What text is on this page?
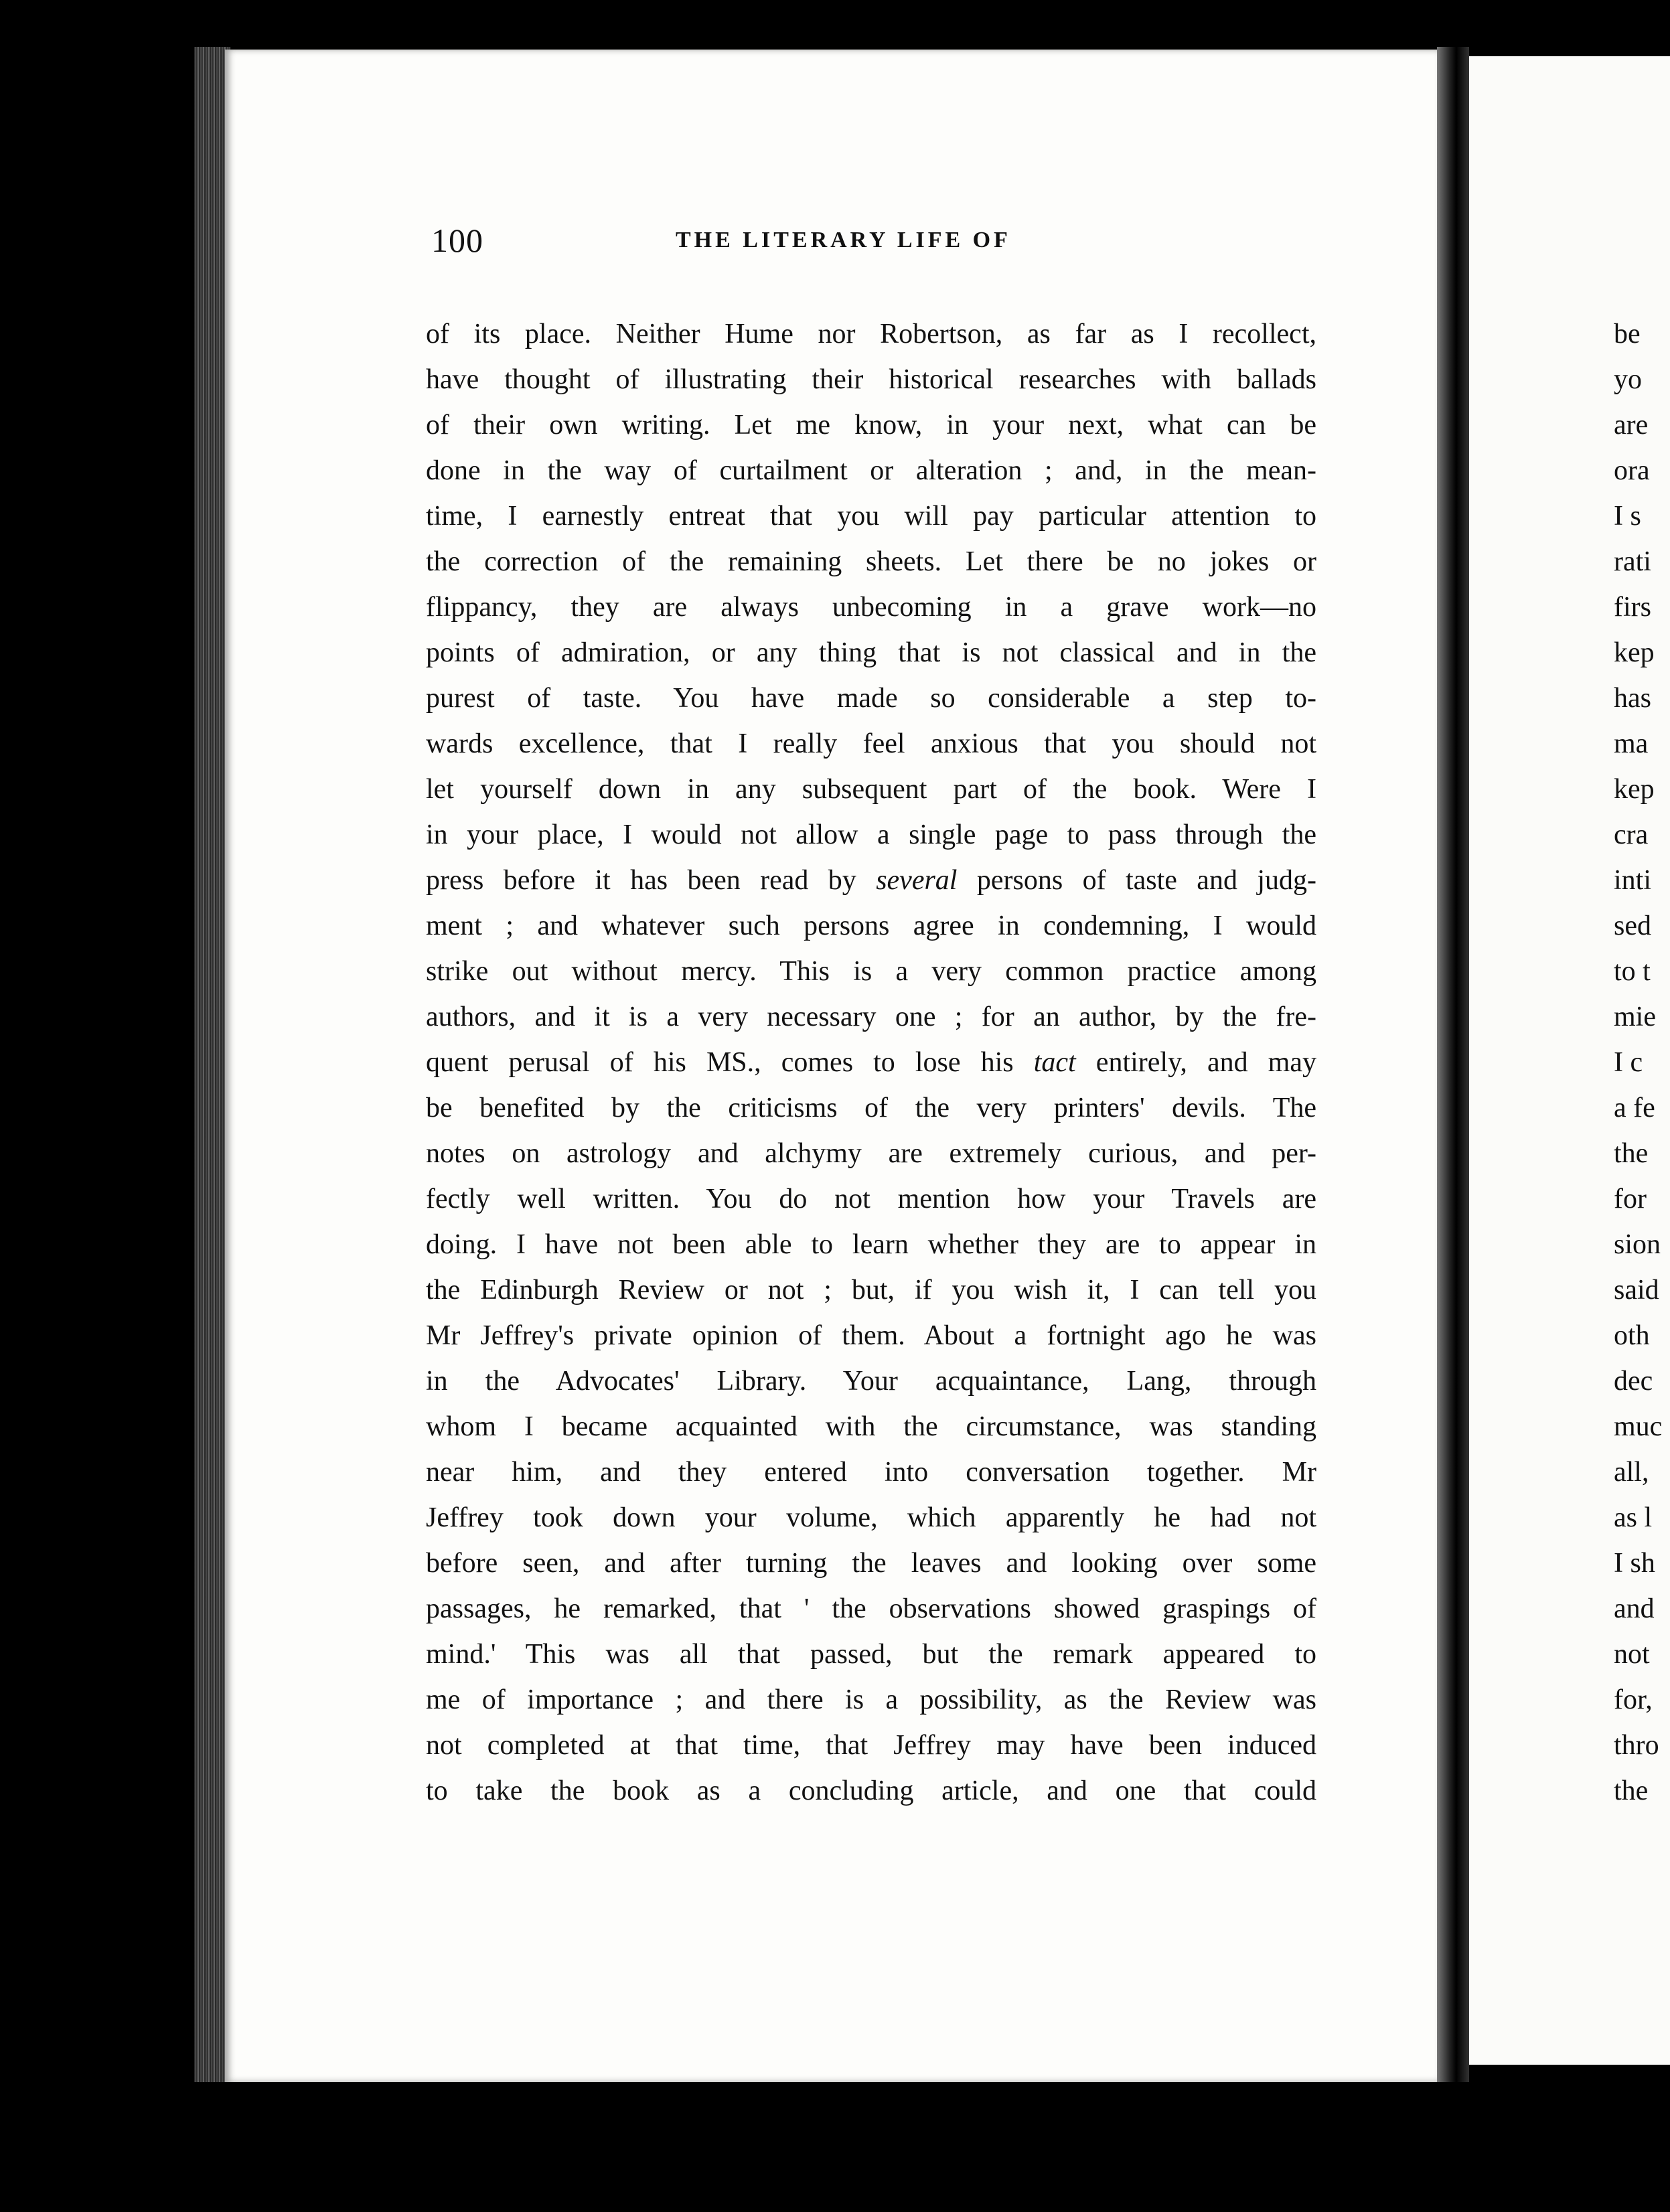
100	THE LITERARY LIFE OF
of its place. Neither Hume nor Robertson, as far as I recollect,
have thought of illustrating their historical researches with ballads
of their own writing. Let me know, in your next, what can be
done in the way of curtailment or alteration ; and, in the mean-
time, I earnestly entreat that you will pay particular attention to
the correction of the remaining sheets. Let there be no jokes or
flippancy, they are always unbecoming in a grave work—no
points of admiration, or any thing that is not classical and in the
purest of taste. You have made so considerable a step to-
wards excellence, that I really feel anxious that you should not
let yourself down in any subsequent part of the book. Were I
in your place, I would not allow a single page to pass through the
press before it has been read by several persons of taste and judg-
ment ; and whatever such persons agree in condemning, I would
strike out without mercy. This is a very common practice among
authors, and it is a very necessary one ; for an author, by the fre-
quent perusal of his MS., comes to lose his tact entirely, and may
be benefited by the criticisms of the very printers' devils. The
notes on astrology and alchymy are extremely curious, and per-
fectly well written. You do not mention how your Travels are
doing. I have not been able to learn whether they are to appear in
the Edinburgh Review or not ; but, if you wish it, I can tell you
Mr Jeffrey's private opinion of them. About a fortnight ago he was
in the Advocates' Library. Your acquaintance, Lang, through
whom I became acquainted with the circumstance, was standing
near him, and they entered into conversation together. Mr
Jeffrey took down your volume, which apparently he had not
before seen, and after turning the leaves and looking over some
passages, he remarked, that ' the observations showed graspings of
mind.' This was all that passed, but the remark appeared to
me of importance ; and there is a possibility, as the Review was
not completed at that time, that Jeffrey may have been induced
to take the book as a concluding article, and one that could
be
yo
are
ora
I s
rati
firs
kep
has
ma
kep
cra
inti
sed
to t
mie
I c
a fe
the
for
sion
said
oth
dec
muc
all,
as l
I sh
and
not
for,
thro
the
